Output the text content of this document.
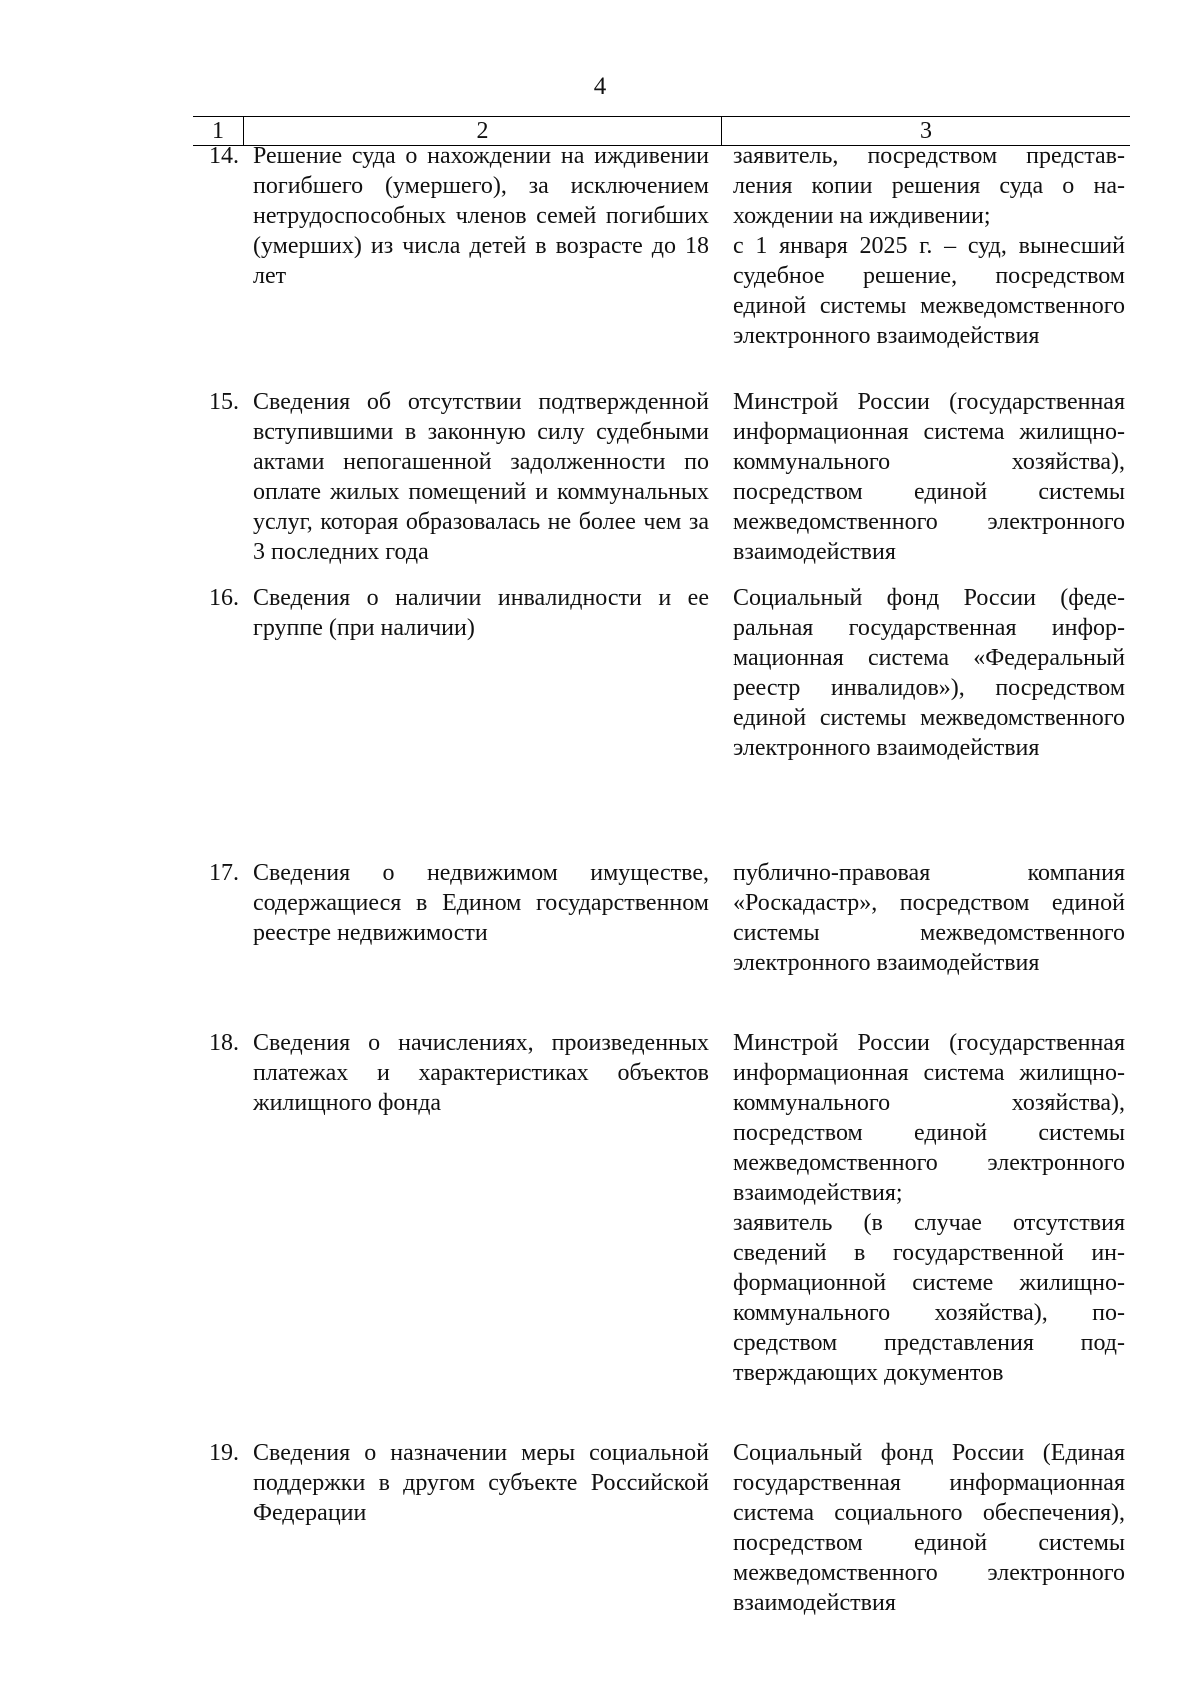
4
1	2	3
14. Решение суда о нахождении на иждивении погибшего (умершего), за исключением нетрудоспособных членов семей погибших (умерших) из числа детей в возрасте до 18 лет

заявитель, посредством представления копии решения суда о нахождении на иждивении;

с 1 января 2025 г. – суд, вынесший судебное решение, посредством единой системы межведомственного электронного взаимодействия

15. Сведения об отсутствии подтвержденной вступившими в законную силу судебными актами непогашенной задолженности по оплате жилых помещений и коммунальных услуг, которая образовалась не более чем за 3 последних года

Минстрой России (государственная информационная система жилищно-коммунального хозяйства), посредством единой системы межведомственного электронного взаимодействия

16. Сведения о наличии инвалидности и ее группе (при наличии)

Социальный фонд России (федеральная государственная информационная система «Федеральный реестр инвалидов»), посредством единой системы межведомственного электронного взаимодействия

17. Сведения о недвижимом имуществе, содержащиеся в Едином государственном реестре недвижимости

публично-правовая компания «Роскадастр», посредством единой системы межведомственного электронного взаимодействия

18. Сведения о начислениях, произведенных платежах и характеристиках объектов жилищного фонда

Минстрой России (государственная информационная система жилищно-коммунального хозяйства), посредством единой системы межведомственного электронного взаимодействия;

заявитель (в случае отсутствия сведений в государственной информационной системе жилищно-коммунального хозяйства), посредством представления подтверждающих документов

19. Сведения о назначении меры социальной поддержки в другом субъекте Российской Федерации

Социальный фонд России (Единая государственная информационная система социального обеспечения), посредством единой системы межведомственного электронного взаимодействия
